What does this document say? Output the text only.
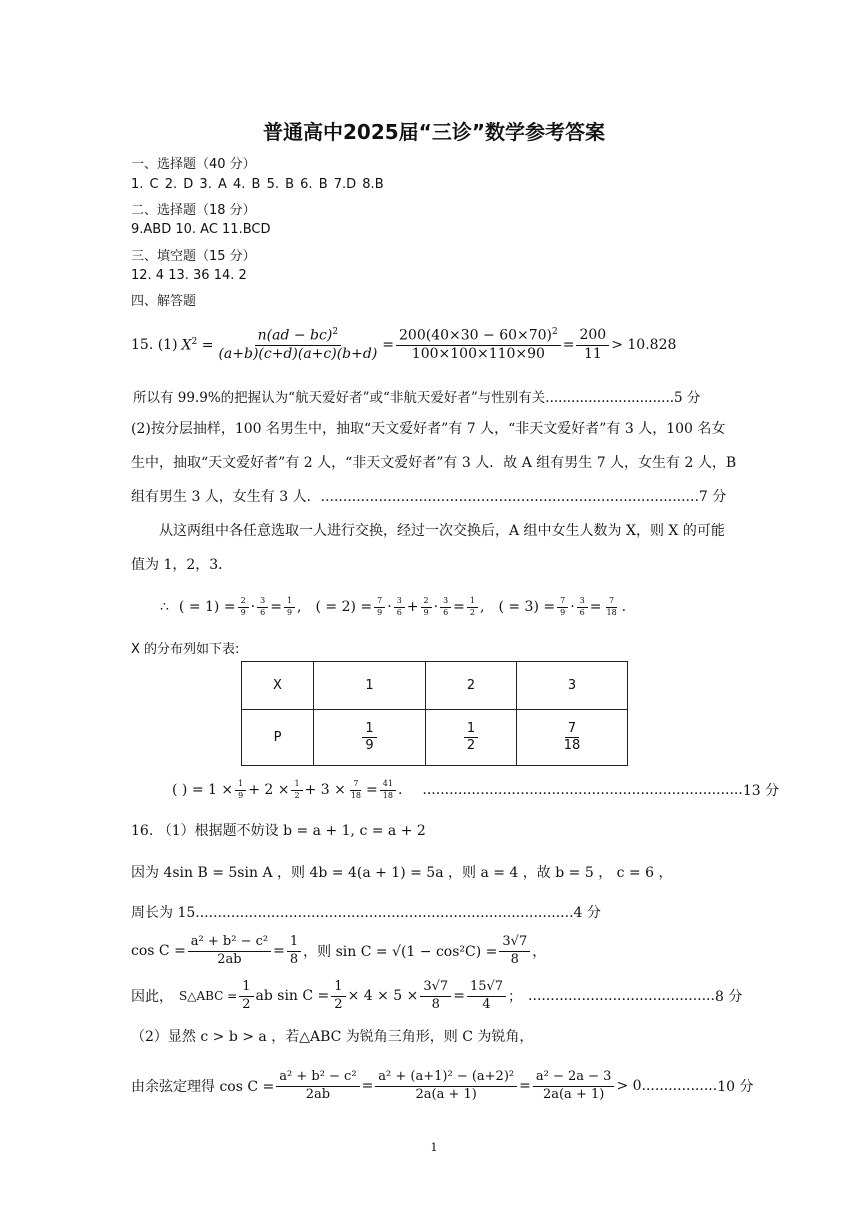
普通高中2025届“三诊”数学参考答案
一、选择题（40 分）
1. C 2. D 3. A 4. B 5. B 6. B 7.D 8.B
二、选择题（18 分）
9.ABD 10. AC 11.BCD
三、填空题（15 分）
12. 4 13. 36 14. 2
四、解答题
15. (1) $X^2 = \frac{n(ad - bc)^2}{(a+b)(c+d)(a+c)(b+d)} = \frac{200(40\times 30 - 60\times 70)^2}{100\times 100\times 110\times 90} = \frac{200}{11} > 10.828$
所以有 99.9%的把握认为“航天爱好者”或“非航天爱好者”与性别有关..............................5 分
(2)按分层抽样，100 名男生中，抽取“天文爱好者”有 7 人，“非天文爱好者”有 3 人，100 名女生中，抽取“天文爱好者”有 2 人，“非天文爱好者”有 3 人．故 A 组有男生 7 人，女生有 2 人，B 组有男生 3 人，女生有 3 人．.....................................................................................7 分
从这两组中各任意选取一人进行交换，经过一次交换后，A 组中女生人数为 X，则 X 的可能值为 1，2，3．
∴ ( = $1) = \frac{2}{9} \cdot \frac{3}{6} = \frac{1}{9}$ , ( = $2) = \frac{7}{9} \cdot \frac{3}{6} + \frac{2}{9} \cdot \frac{3}{6} = \frac{1}{2}$ , ( = $3) = \frac{7}{9} \cdot \frac{3}{6} = \frac{7}{18}$ .
X 的分布列如下表:
X	1	2	3
P	$\frac{1}{9}$	$\frac{1}{2}$	$\frac{7}{18}$
( ) = $1 \times \frac{1}{9} + 2 \times \frac{1}{2} + 3 \times \frac{7}{18} = \frac{41}{18}$ . ........................................................................ 13 分
16. （1）根据题不妨设 b = a + 1, c = a + 2
因为 4sin B = 5sin A ，则 4b = 4(a + 1) = 5a ，则 a = 4 ，故 b = 5 ， c = 6 ，
周长为 15.....................................................................................4 分
$\cos C = \frac{\text{a² + b² − c²}}{2ab} = \frac{1}{8}$ ，则 $\sin C = √(1 - \cos^2C) = \frac{3√7}{8}$ ，
因此， S△ABC = $\frac{1}{2}$ ab $\sin C = \frac{1}{2} \times 4 \times 5 \times \frac{3√7}{8} = \frac{15√7}{4}$ ； .......................................... 8 分
（2）显然 c > b > a ，若△ABC 为锐角三角形，则 C 为锐角，
由余弦定理得 $\cos C = \frac{\text{a² + b² − c²}}{2ab} = \frac{\text{a² + (a+1)² − (a+2)²}}{2a(a + 1)} = \frac{\text{a² − 2a − 3}}{2a(a + 1)} > 0$ ................. 10 分
1
